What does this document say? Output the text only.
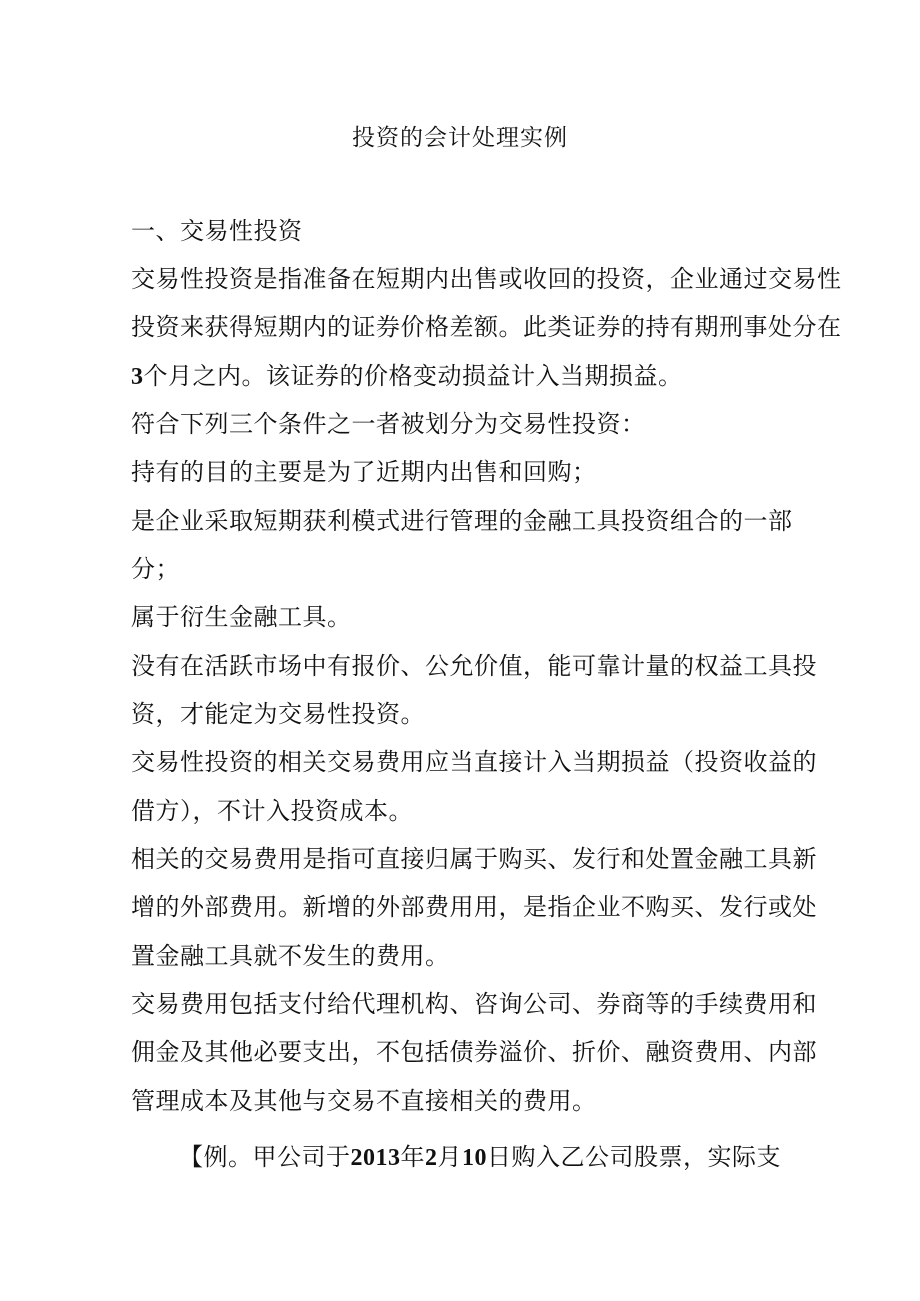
投资的会计处理实例
一、交易性投资
交易性投资是指准备在短期内出售或收回的投资，企业通过交易性
投资来获得短期内的证券价格差额。此类证券的持有期刑事处分在
3个月之内。该证券的价格变动损益计入当期损益。
符合下列三个条件之一者被划分为交易性投资：
持有的目的主要是为了近期内出售和回购；
是企业采取短期获利模式进行管理的金融工具投资组合的一部
分；
属于衍生金融工具。
没有在活跃市场中有报价、公允价值，能可靠计量的权益工具投
资，才能定为交易性投资。
交易性投资的相关交易费用应当直接计入当期损益（投资收益的
借方），不计入投资成本。
相关的交易费用是指可直接归属于购买、发行和处置金融工具新
增的外部费用。新增的外部费用用，是指企业不购买、发行或处
置金融工具就不发生的费用。
交易费用包括支付给代理机构、咨询公司、券商等的手续费用和
佣金及其他必要支出，不包括债券溢价、折价、融资费用、内部
管理成本及其他与交易不直接相关的费用。
【例。甲公司于2013年2月10日购入乙公司股票，实际支
